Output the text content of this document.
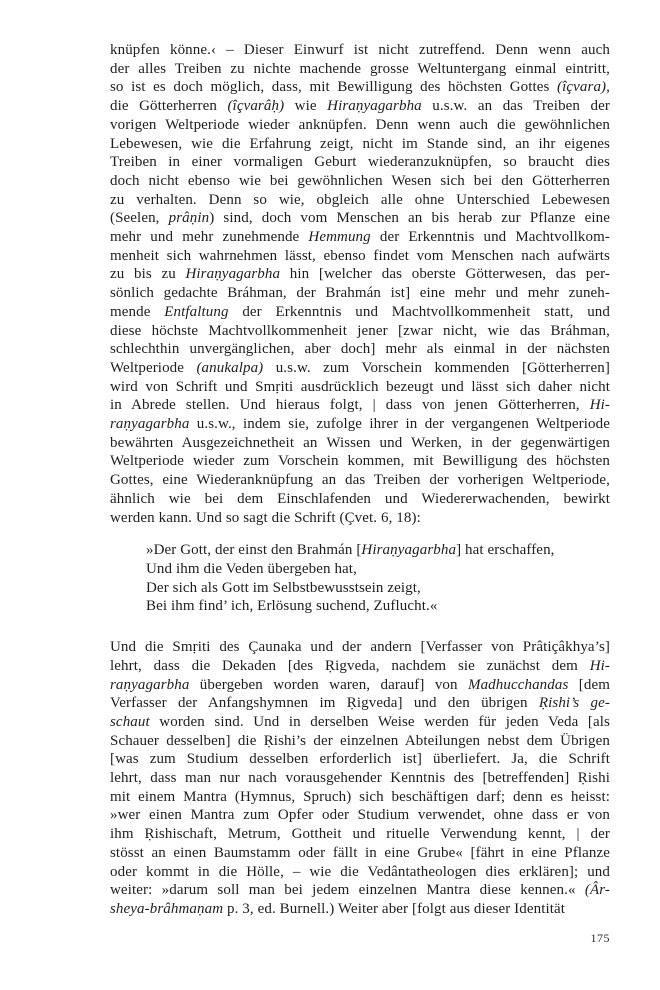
knüpfen könne.‹ – Dieser Einwurf ist nicht zutreffend. Denn wenn auch
der alles Treiben zu nichte machende grosse Weltuntergang einmal eintritt,
so ist es doch möglich, dass, mit Bewilligung des höchsten Gottes (îçvara),
die Götterherren (îçvarâḥ) wie Hiraṇyagarbha u.s.w. an das Treiben der
vorigen Weltperiode wieder anknüpfen. Denn wenn auch die gewöhnlichen
Lebewesen, wie die Erfahrung zeigt, nicht im Stande sind, an ihr eigenes
Treiben in einer vormaligen Geburt wiederanzuknüpfen, so braucht dies
doch nicht ebenso wie bei gewöhnlichen Wesen sich bei den Götterherren
zu verhalten. Denn so wie, obgleich alle ohne Unterschied Lebewesen
(Seelen, prâṇin) sind, doch vom Menschen an bis herab zur Pflanze eine
mehr und mehr zunehmende Hemmung der Erkenntnis und Machtvollkom-
menheit sich wahrnehmen lässt, ebenso findet vom Menschen nach aufwärts
zu bis zu Hiraṇyagarbha hin [welcher das oberste Götterwesen, das per-
sönlich gedachte Bráhman, der Brahmán ist] eine mehr und mehr zuneh-
mende Entfaltung der Erkenntnis und Machtvollkommenheit statt, und
diese höchste Machtvollkommenheit jener [zwar nicht, wie das Bráhman,
schlechthin unvergänglichen, aber doch] mehr als einmal in der nächsten
Weltperiode (anukalpa) u.s.w. zum Vorschein kommenden [Götterherren]
wird von Schrift und Smṛiti ausdrücklich bezeugt und lässt sich daher nicht
in Abrede stellen. Und hieraus folgt, | dass von jenen Götterherren, Hi-
raṇyagarbha u.s.w., indem sie, zufolge ihrer in der vergangenen Weltperiode
bewährten Ausgezeichnetheit an Wissen und Werken, in der gegenwärtigen
Weltperiode wieder zum Vorschein kommen, mit Bewilligung des höchsten
Gottes, eine Wiederanknüpfung an das Treiben der vorherigen Weltperiode,
ähnlich wie bei dem Einschlafenden und Wiedererwachenden, bewirkt
werden kann. Und so sagt die Schrift (Çvet. 6, 18):
»Der Gott, der einst den Brahmán [Hiraṇyagarbha] hat erschaffen,
Und ihm die Veden übergeben hat,
Der sich als Gott im Selbstbewusstsein zeigt,
Bei ihm find’ ich, Erlösung suchend, Zuflucht.«
Und die Smṛiti des Çaunaka und der andern [Verfasser von Prâtiçâkhya’s]
lehrt, dass die Dekaden [des Ṛigveda, nachdem sie zunächst dem Hi-
raṇyagarbha übergeben worden waren, darauf] von Madhucchandas [dem
Verfasser der Anfangshymnen im Ṛigveda] und den übrigen Ṛishi’s ge-
schaut worden sind. Und in derselben Weise werden für jeden Veda [als
Schauer desselben] die Ṛishi’s der einzelnen Abteilungen nebst dem Übrigen
[was zum Studium desselben erforderlich ist] überliefert. Ja, die Schrift
lehrt, dass man nur nach vorausgehender Kenntnis des [betreffenden] Ṛishi
mit einem Mantra (Hymnus, Spruch) sich beschäftigen darf; denn es heisst:
»wer einen Mantra zum Opfer oder Studium verwendet, ohne dass er von
ihm Ṛishischaft, Metrum, Gottheit und rituelle Verwendung kennt, | der
stösst an einen Baumstamm oder fällt in eine Grube« [fährt in eine Pflanze
oder kommt in die Hölle, – wie die Vedântatheologen dies erklären]; und
weiter: »darum soll man bei jedem einzelnen Mantra diese kennen.« (Âr-
sheya-brâhmaṇam p. 3, ed. Burnell.) Weiter aber [folgt aus dieser Identität
175
